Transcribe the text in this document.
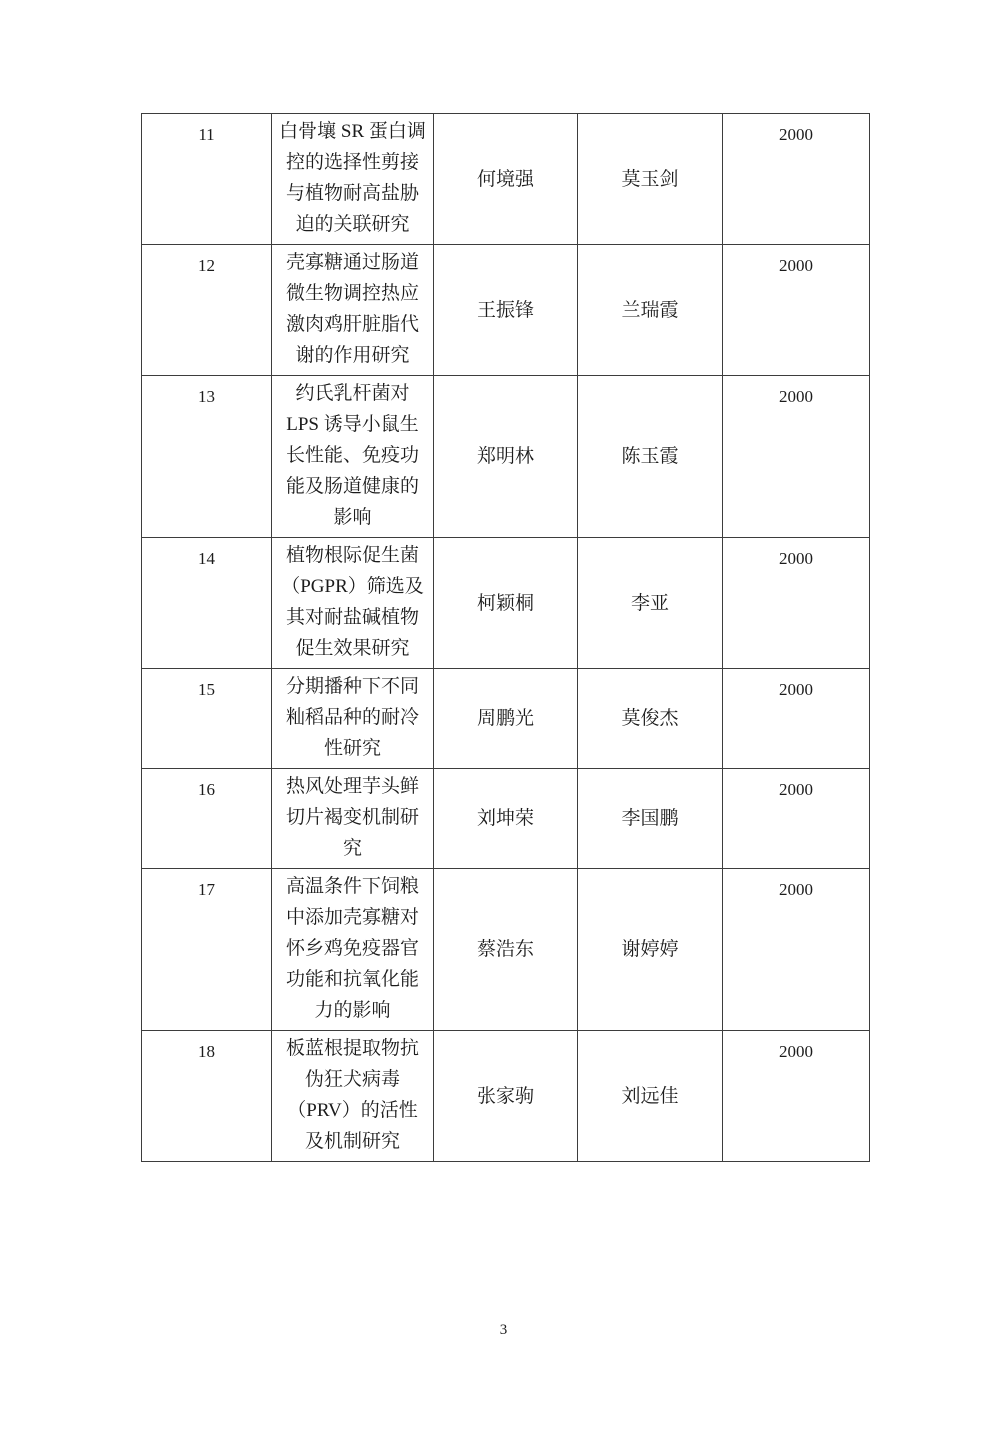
11	白骨壤 SR 蛋白调控的选择性剪接与植物耐高盐胁迫的关联研究	何境强	莫玉剑	2000
12	壳寡糖通过肠道微生物调控热应激肉鸡肝脏脂代谢的作用研究	王振锋	兰瑞霞	2000
13	约氏乳杆菌对 LPS 诱导小鼠生长性能、免疫功能及肠道健康的影响	郑明林	陈玉霞	2000
14	植物根际促生菌（PGPR）筛选及其对耐盐碱植物促生效果研究	柯颖桐	李亚	2000
15	分期播种下不同籼稻品种的耐冷性研究	周鹏光	莫俊杰	2000
16	热风处理芋头鲜切片褐变机制研究	刘坤荣	李国鹏	2000
17	高温条件下饲粮中添加壳寡糖对怀乡鸡免疫器官功能和抗氧化能力的影响	蔡浩东	谢婷婷	2000
18	板蓝根提取物抗伪狂犬病毒（PRV）的活性及机制研究	张家驹	刘远佳	2000
3
